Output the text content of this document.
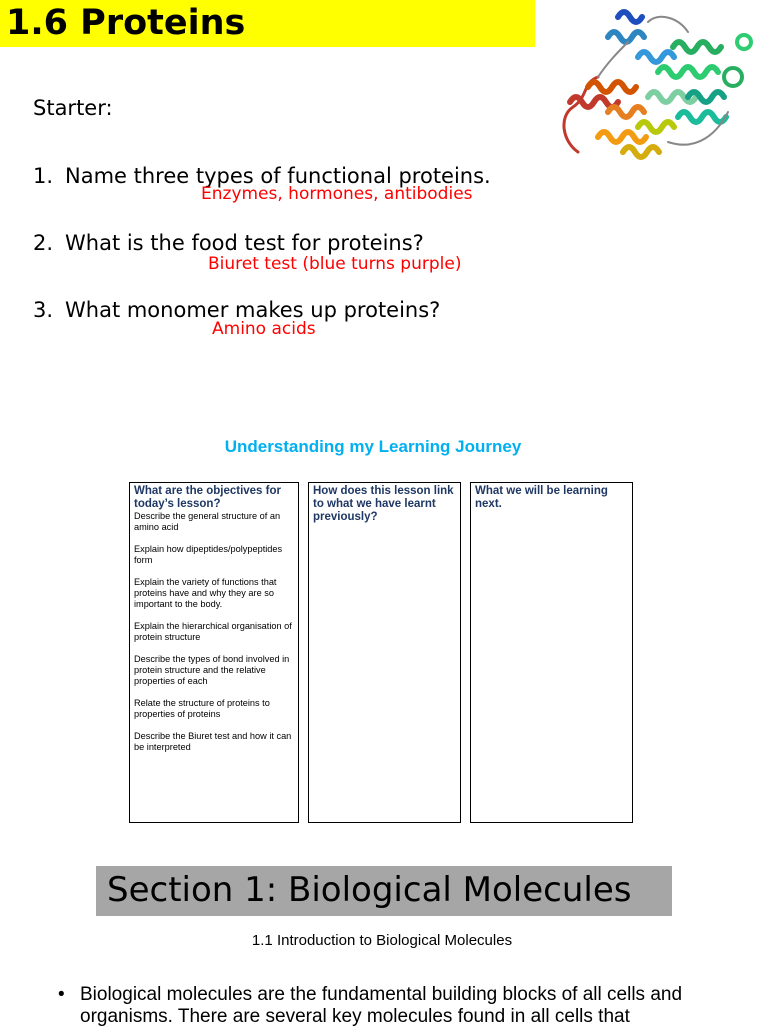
1.6 Proteins
Starter:
1. Name three types of functional proteins.
Enzymes, hormones, antibodies
2. What is the food test for proteins?
Biuret test (blue turns purple)
3. What monomer makes up proteins?
Amino acids
Understanding my Learning Journey
What are the objectives for today’s lesson?
Describe the general structure of an amino acid
Explain how dipeptides/polypeptides form
Explain the variety of functions that proteins have and why they are so important to the body.
Explain the hierarchical organisation of protein structure
Describe the types of bond involved in protein structure and the relative properties of each
Relate the structure of proteins to properties of proteins
Describe the Biuret test and how it can be interpreted
How does this lesson link to what we have learnt previously?
What we will be learning next.
Section 1: Biological Molecules
1.1 Introduction to Biological Molecules
• Biological molecules are the fundamental building blocks of all cells and organisms. There are several key molecules found in all cells that
